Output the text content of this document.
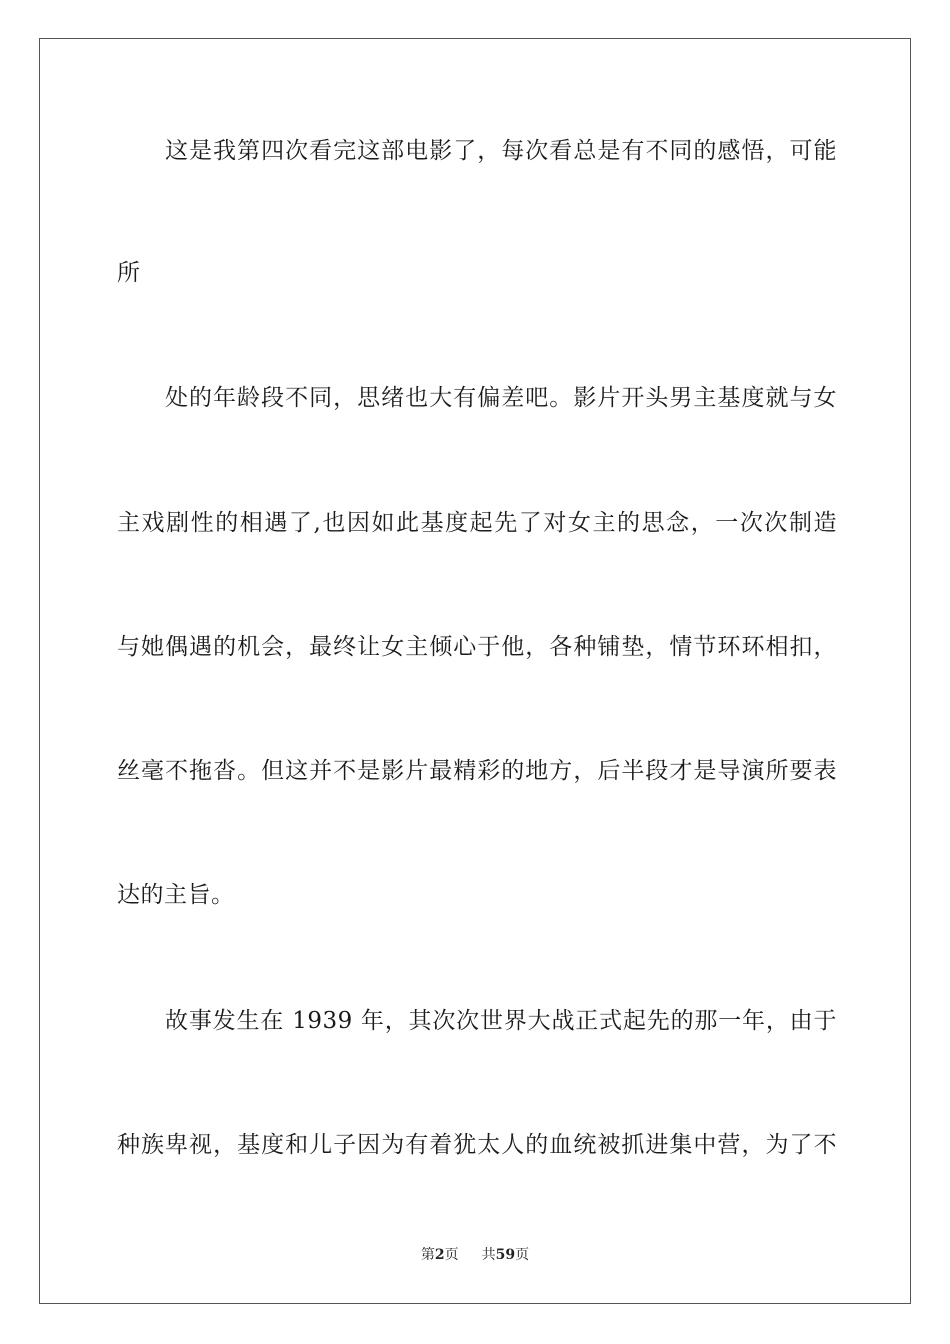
这是我第四次看完这部电影了，每次看总是有不同的感悟，可能
所
处的年龄段不同，思绪也大有偏差吧。影片开头男主基度就与女
主戏剧性的相遇了,也因如此基度起先了对女主的思念，一次次制造
与她偶遇的机会，最终让女主倾心于他，各种铺垫，情节环环相扣，
丝毫不拖沓。但这并不是影片最精彩的地方，后半段才是导演所要表
达的主旨。
故事发生在 1939 年，其次次世界大战正式起先的那一年，由于
种族卑视，基度和儿子因为有着犹太人的血统被抓进集中营，为了不
第2页 共59页
